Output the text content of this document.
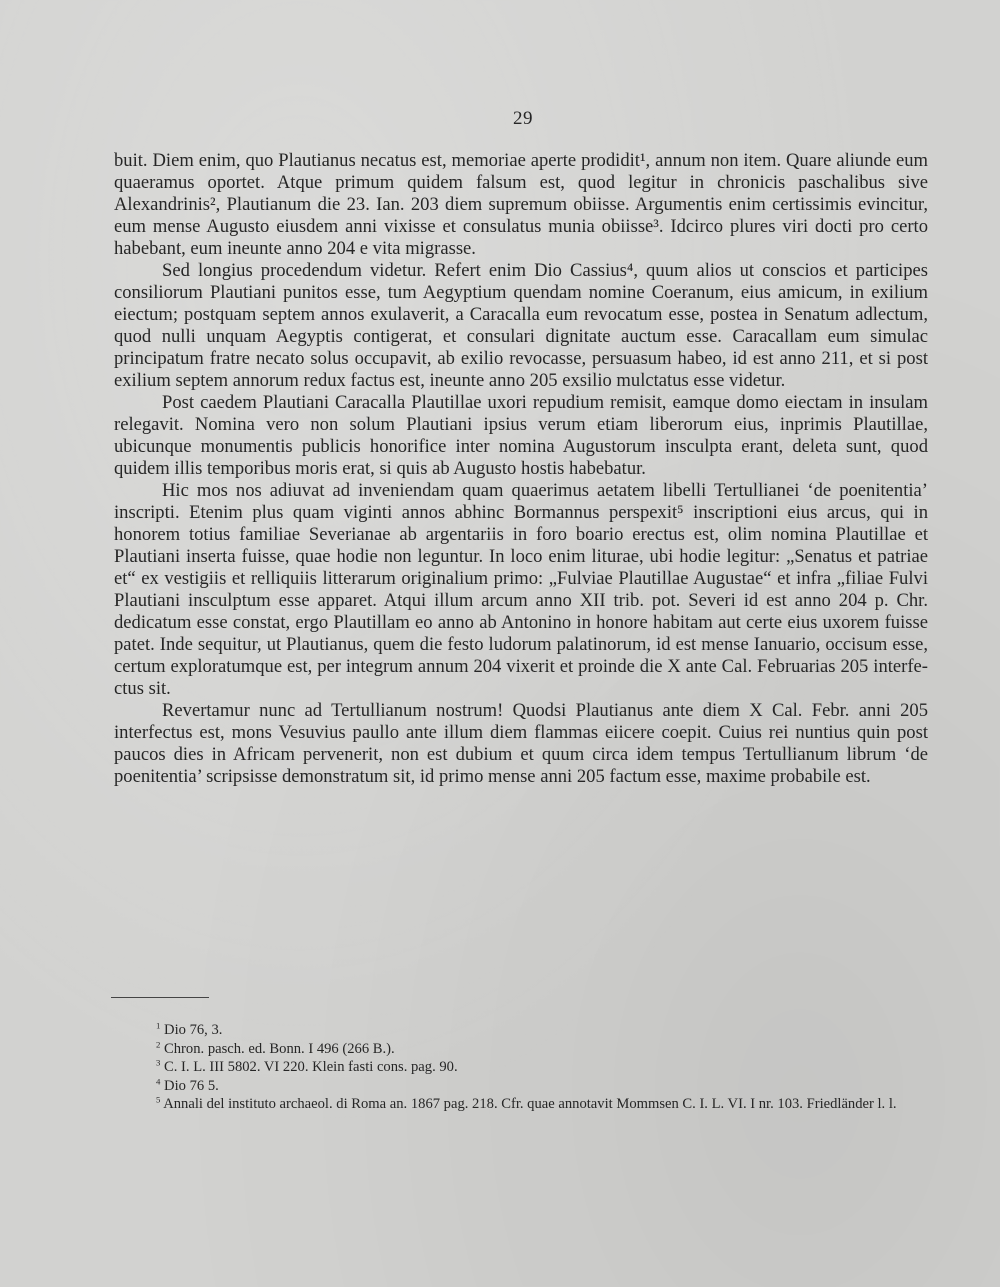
29

buit. Diem enim, quo Plautianus necatus est, memoriae aperte prodidit¹, annum non item. Quare aliunde eum quaeramus oportet. Atque primum quidem falsum est, quod legitur in chronicis paschalibus sive Alexandrinis², Plautianum die 23. Ian. 203 diem supremum obiisse. Argumentis enim certissimis evincitur, eum mense Augusto eiusdem anni vixisse et consulatus munia obiisse³. Idcirco plures viri docti pro certo habebant, eum ineunte anno 204 e vita migrasse.

Sed longius procedendum videtur. Refert enim Dio Cassius⁴, quum alios ut conscios et participes consiliorum Plautiani punitos esse, tum Aegyptium quendam nomine Coeranum, eius amicum, in exilium eiectum; postquam septem annos exulaverit, a Caracalla eum revocatum esse, postea in Senatum adlectum, quod nulli unquam Aegyptis contigerat, et consulari dignitate auctum esse. Caracallam eum simulac principatum fratre necato solus occupavit, ab exilio revocasse, persuasum habeo, id est anno 211, et si post exilium septem annorum redux factus est, ineunte anno 205 exsilio mulctatus esse videtur.

Post caedem Plautiani Caracalla Plautillae uxori repudium remisit, eamque domo eiectam in insulam relegavit. Nomina vero non solum Plautiani ipsius verum etiam liberorum eius, inprimis Plautillae, ubicunque monumentis publicis honorifice inter nomina Augustorum insculpta erant, deleta sunt, quod quidem illis temporibus moris erat, si quis ab Augusto hostis habebatur.

Hic mos nos adiuvat ad inveniendam quam quaerimus aetatem libelli Tertullianei ‘de poenitentia’ inscripti. Etenim plus quam viginti annos abhinc Bormannus perspexit⁵ inscriptioni eius arcus, qui in honorem totius familiae Severianae ab argentariis in foro boario erectus est, olim nomina Plautillae et Plautiani inserta fuisse, quae hodie non leguntur. In loco enim liturae, ubi hodie legitur: „Senatus et patriae et“ ex vestigiis et relliquiis litterarum originalium primo: „Fulviae Plautillae Augustae“ et infra „filiae Fulvi Plautiani insculptum esse apparet. Atqui illum arcum anno XII trib. pot. Severi id est anno 204 p. Chr. dedicatum esse constat, ergo Plautillam eo anno ab Antonino in honore habitam aut certe eius uxorem fuisse patet. Inde sequitur, ut Plautianus, quem die festo ludorum palatinorum, id est mense Ianuario, occisum esse, certum exploratumque est, per integrum annum 204 vixerit et proinde die X ante Cal. Februarias 205 interfectus sit.

Revertamur nunc ad Tertullianum nostrum! Quodsi Plautianus ante diem X Cal. Febr. anni 205 interfectus est, mons Vesuvius paullo ante illum diem flammas eiicere coepit. Cuius rei nuntius quin post paucos dies in Africam pervenerit, non est dubium et quum circa idem tempus Tertullianum librum ‘de poenitentia’ scripsisse demonstratum sit, id primo mense anni 205 factum esse, maxime probabile est.

$^1$ Dio 76, 3.

$^2$ Chron. pasch. ed. Bonn. I 496 (266 B.).

$^3$ C. I. L. III 5802. VI 220. Klein fasti cons. pag. 90.

$^4$ Dio 76 5.

$^5$ Annali del instituto archaeol. di Roma an. 1867 pag. 218. Cfr. quae annotavit Mommsen C. I. L. VI. I nr. 103. Friedländer l. l.
